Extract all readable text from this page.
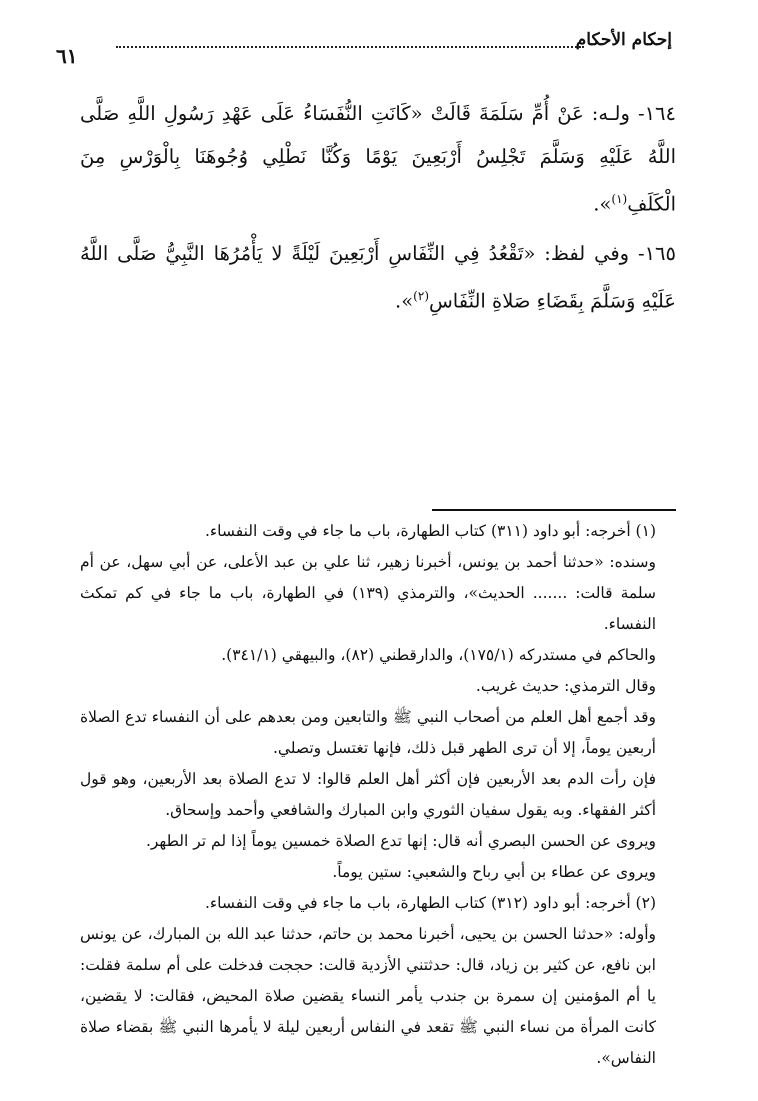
إحكام الأحكام
٦١

١٦٤- ولـه: عَنْ أُمِّ سَلَمَةَ قَالَتْ «كَانَتِ النُّفَسَاءُ عَلَى عَهْدِ رَسُولِ اللَّهِ صَلَّى اللَّهُ عَلَيْهِ وَسَلَّمَ تَجْلِسُ أَرْبَعِينَ يَوْمًا وَكُنَّا نَطْلِي وُجُوهَنَا بِالْوَرْسِ مِنَ الْكَلَفِ$^{(١)}$».

١٦٥- وفي لفظ: «تَقْعُدُ فِي النِّفَاسِ أَرْبَعِينَ لَيْلَةً لا يَأْمُرُهَا النَّبِيُّ صَلَّى اللَّهُ عَلَيْهِ وَسَلَّمَ بِقَضَاءِ صَلاةِ النِّفَاسِ$^{(٢)}$».

(١) أخرجه: أبو داود (٣١١) كتاب الطهارة، باب ما جاء في وقت النفساء.

وسنده: «حدثنا أحمد بن يونس، أخبرنا زهير، ثنا علي بن عبد الأعلى، عن أبي سهل، عن أم سلمة قالت: ....... الحديث»، والترمذي (١٣٩) في الطهارة، باب ما جاء في كم تمكث النفساء.

والحاكم في مستدركه (١٧٥/١)، والدارقطني (٨٢)، والبيهقي (٣٤١/١).

وقال الترمذي: حديث غريب.

وقد أجمع أهل العلم من أصحاب النبي ﷺ والتابعين ومن بعدهم على أن النفساء تدع الصلاة أربعين يوماً، إلا أن ترى الطهر قبل ذلك، فإنها تغتسل وتصلي.

فإن رأت الدم بعد الأربعين فإن أكثر أهل العلم قالوا: لا تدع الصلاة بعد الأربعين، وهو قول أكثر الفقهاء. وبه يقول سفيان الثوري وابن المبارك والشافعي وأحمد وإسحاق.

ويروى عن الحسن البصري أنه قال: إنها تدع الصلاة خمسين يوماً إذا لم تر الطهر.

ويروى عن عطاء بن أبي رباح والشعبي: ستين يوماً.

(٢) أخرجه: أبو داود (٣١٢) كتاب الطهارة، باب ما جاء في وقت النفساء.

وأوله: «حدثنا الحسن بن يحيى، أخبرنا محمد بن حاتم، حدثنا عبد الله بن المبارك، عن يونس ابن نافع، عن كثير بن زياد، قال: حدثتني الأزدية قالت: حججت فدخلت على أم سلمة فقلت: يا أم المؤمنين إن سمرة بن جندب يأمر النساء يقضين صلاة المحيض، فقالت: لا يقضين، كانت المرأة من نساء النبي ﷺ تقعد في النفاس أربعين ليلة لا يأمرها النبي ﷺ بقضاء صلاة النفاس».
